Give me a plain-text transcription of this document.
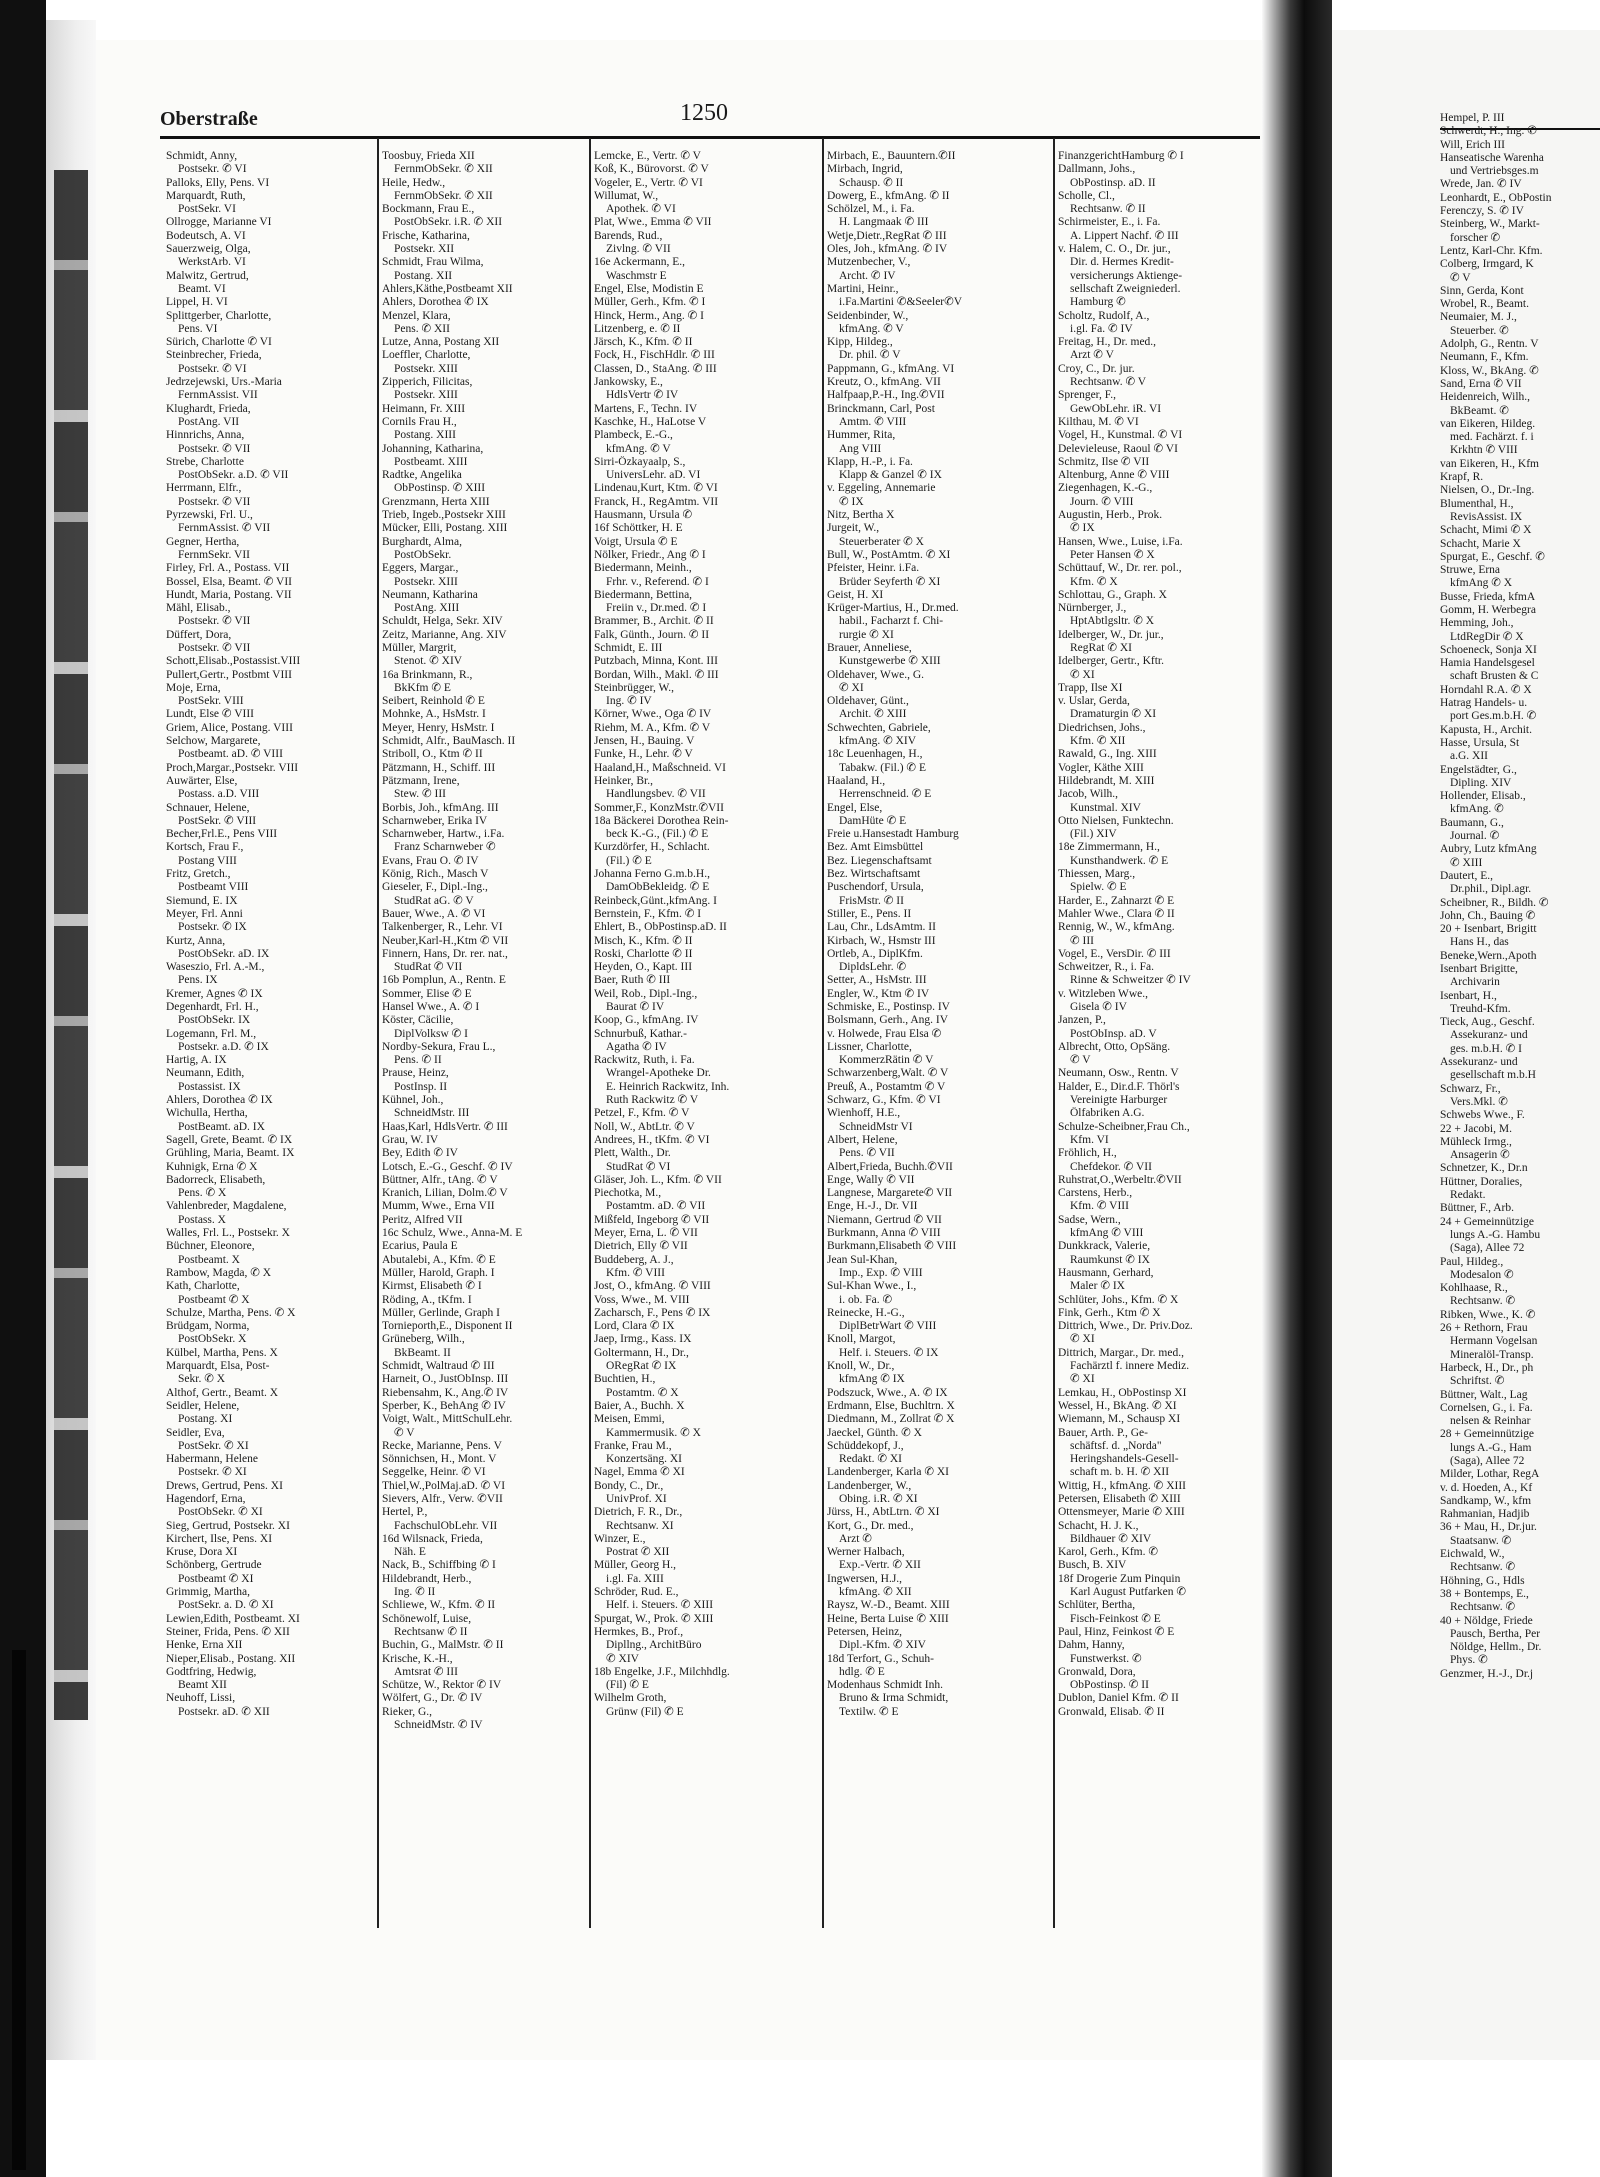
Oberstraße	1250
Schmidt, Anny,
Postsekr. ✆ VI
Palloks, Elly, Pens. VI
Marquardt, Ruth,
PostSekr. VI
Ollrogge, Marianne VI
Bodeutsch, A. VI
Sauerzweig, Olga,
WerkstArb. VI
Malwitz, Gertrud,
Beamt. VI
Lippel, H. VI
Splittgerber, Charlotte,
Pens. VI
Sürich, Charlotte ✆ VI
Steinbrecher, Frieda,
Postsekr. ✆ VI
Jedrzejewski, Urs.-Maria
FernmAssist. VII
Klughardt, Frieda,
PostAng. VII
Hinnrichs, Anna,
Postsekr. ✆ VII
Strebe, Charlotte
PostObSekr. a.D. ✆ VII
Herrmann, Elfr.,
Postsekr. ✆ VII
Pyrzewski, Frl. U.,
FernmAssist. ✆ VII
Gegner, Hertha,
FernmSekr. VII
Firley, Frl. A., Postass. VII
Bossel, Elsa, Beamt. ✆ VII
Hundt, Maria, Postang. VII
Mähl, Elisab.,
Postsekr. ✆ VII
Düffert, Dora,
Postsekr. ✆ VII
Schott,Elisab.,Postassist.VIII
Pullert,Gertr., Postbmt VIII
Moje, Erna,
PostSekr. VIII
Lundt, Else ✆ VIII
Griem, Alice, Postang. VIII
Selchow, Margarete,
Postbeamt. aD. ✆ VIII
Proch,Margar.,Postsekr. VIII
Auwärter, Else,
Postass. a.D. VIII
Schnauer, Helene,
PostSekr. ✆ VIII
Becher,Frl.E., Pens VIII
Kortsch, Frau F.,
Postang VIII
Fritz, Gretch.,
Postbeamt VIII
Siemund, E. IX
Meyer, Frl. Anni
Postsekr. ✆ IX
Kurtz, Anna,
PostObSekr. aD. IX
Waseszio, Frl. A.-M.,
Pens. IX
Kremer, Agnes ✆ IX
Degenhardt, Frl. H.,
PostObSekr. IX
Logemann, Frl. M.,
Postsekr. a.D. ✆ IX
Hartig, A. IX
Neumann, Edith,
Postassist. IX
Ahlers, Dorothea ✆ IX
Wichulla, Hertha,
PostBeamt. aD. IX
Sagell, Grete, Beamt. ✆ IX
Grühling, Maria, Beamt. IX
Kuhnigk, Erna ✆ X
Badorreck, Elisabeth,
Pens. ✆ X
Vahlenbreder, Magdalene,
Postass. X
Walles, Frl. L., Postsekr. X
Büchner, Eleonore,
Postbeamt. X
Rambow, Magda, ✆ X
Kath, Charlotte,
Postbeamt ✆ X
Schulze, Martha, Pens. ✆ X
Brüdgam, Norma,
PostObSekr. X
Külbel, Martha, Pens. X
Marquardt, Elsa, Post-
Sekr. ✆ X
Althof, Gertr., Beamt. X
Seidler, Helene,
Postang. XI
Seidler, Eva,
PostSekr. ✆ XI
Habermann, Helene
Postsekr. ✆ XI
Drews, Gertrud, Pens. XI
Hagendorf, Erna,
PostObSekr. ✆ XI
Sieg, Gertrud, Postsekr. XI
Kirchert, Ilse, Pens. XI
Kruse, Dora XI
Schönberg, Gertrude
Postbeamt ✆ XI
Grimmig, Martha,
PostSekr. a. D. ✆ XI
Lewien,Edith, Postbeamt. XI
Steiner, Frida, Pens. ✆ XII
Henke, Erna XII
Nieper,Elisab., Postang. XII
Godtfring, Hedwig,
Beamt XII
Neuhoff, Lissi,
Postsekr. aD. ✆ XII
Toosbuy, Frieda XII
FernmObSekr. ✆ XII
Heile, Hedw.,
FernmObSekr. ✆ XII
Bockmann, Frau E.,
PostObSekr. i.R. ✆ XII
Frische, Katharina,
Postsekr. XII
Schmidt, Frau Wilma,
Postang. XII
Ahlers,Käthe,Postbeamt XII
Ahlers, Dorothea ✆ IX
Menzel, Klara,
Pens. ✆ XII
Lutze, Anna, Postang XII
Loeffler, Charlotte,
Postsekr. XIII
Zipperich, Filicitas,
Postsekr. XIII
Heimann, Fr. XIII
Cornils Frau H.,
Postang. XIII
Johanning, Katharina,
Postbeamt. XIII
Radtke, Angelika
ObPostinsp. ✆ XIII
Grenzmann, Herta XIII
Trieb, Ingeb.,Postsekr XIII
Mücker, Elli, Postang. XIII
Burghardt, Alma,
PostObSekr.
Eggers, Margar.,
Postsekr. XIII
Neumann, Katharina
PostAng. XIII
Schuldt, Helga, Sekr. XIV
Zeitz, Marianne, Ang. XIV
Müller, Margrit,
Stenot. ✆ XIV
16a Brinkmann, R.,
BkKfm ✆ E
Seibert, Reinhold ✆ E
Mohnke, A., HsMstr. I
Meyer, Henry, HsMstr. I
Schmidt, Alfr., BauMasch. II
Striboll, O., Ktm ✆ II
Pätzmann, H., Schiff. III
Pätzmann, Irene,
Stew. ✆ III
Borbis, Joh., kfmAng. III
Scharnweber, Erika IV
Scharnweber, Hartw., i.Fa.
Franz Scharnweber ✆
Evans, Frau O. ✆ IV
König, Rich., Masch V
Gieseler, F., Dipl.-Ing.,
StudRat aG. ✆ V
Bauer, Wwe., A. ✆ VI
Talkenberger, R., Lehr. VI
Neuber,Karl-H.,Ktm ✆ VII
Finnern, Hans, Dr. rer. nat.,
StudRat ✆ VII
16b Pomplun, A., Rentn. E
Sommer, Elise ✆ E
Hansel Wwe., A. ✆ I
Köster, Cäcilie,
DiplVolksw ✆ I
Nordby-Sekura, Frau L.,
Pens. ✆ II
Prause, Heinz,
PostInsp. II
Kühnel, Joh.,
SchneidMstr. III
Haas,Karl, HdlsVertr. ✆ III
Grau, W. IV
Bey, Edith ✆ IV
Lotsch, E.-G., Geschf. ✆ IV
Büttner, Alfr., tAng. ✆ V
Kranich, Lilian, Dolm.✆ V
Mumm, Wwe., Erna VII
Peritz, Alfred VII
16c Schulz, Wwe., Anna-M. E
Ecarius, Paula E
Abutalebi, A., Kfm. ✆ E
Müller, Harold, Graph. I
Kirmst, Elisabeth ✆ I
Röding, A., tKfm. I
Müller, Gerlinde, Graph I
Tornieporth,E., Disponent II
Grüneberg, Wilh.,
BkBeamt. II
Schmidt, Waltraud ✆ III
Harneit, O., JustObInsp. III
Riebensahm, K., Ang.✆ IV
Sperber, K., BehAng ✆ IV
Voigt, Walt., MittSchulLehr.
✆ V
Recke, Marianne, Pens. V
Sönnichsen, H., Mont. V
Seggelke, Heinr. ✆ VI
Thiel,W.,PolMaj.aD. ✆ VI
Sievers, Alfr., Verw. ✆VII
Hertel, P.,
FachschulObLehr. VII
16d Wilsnack, Frieda,
Näh. E
Nack, B., Schiffbing ✆ I
Hildebrandt, Herb.,
Ing. ✆ II
Schliewe, W., Kfm. ✆ II
Schönewolf, Luise,
Rechtsanw ✆ II
Buchin, G., MalMstr. ✆ II
Krische, K.-H.,
Amtsrat ✆ III
Schütze, W., Rektor ✆ IV
Wölfert, G., Dr. ✆ IV
Rieker, G.,
SchneidMstr. ✆ IV
Lemcke, E., Vertr. ✆ V
Koß, K., Bürovorst. ✆ V
Vogeler, E., Vertr. ✆ VI
Willumat, W.,
Apothek. ✆ VI
Plat, Wwe., Emma ✆ VII
Barends, Rud.,
Zivlng. ✆ VII
16e Ackermann, E.,
Waschmstr E
Engel, Else, Modistin E
Müller, Gerh., Kfm. ✆ I
Hinck, Herm., Ang. ✆ I
Litzenberg, e. ✆ II
Järsch, K., Kfm. ✆ II
Fock, H., FischHdlr. ✆ III
Classen, D., StaAng. ✆ III
Jankowsky, E.,
HdlsVertr ✆ IV
Martens, F., Techn. IV
Kaschke, H., HaLotse V
Plambeck, E.-G.,
kfmAng. ✆ V
Sirri-Özkayaalp, S.,
UniversLehr. aD. VI
Lindenau,Kurt, Ktm. ✆ VI
Franck, H., RegAmtm. VII
Hausmann, Ursula ✆
16f Schöttker, H. E
Voigt, Ursula ✆ E
Nölker, Friedr., Ang ✆ I
Biedermann, Meinh.,
Frhr. v., Referend. ✆ I
Biedermann, Bettina,
Freiin v., Dr.med. ✆ I
Brammer, B., Archit. ✆ II
Falk, Günth., Journ. ✆ II
Schmidt, E. III
Putzbach, Minna, Kont. III
Bordan, Wilh., Makl. ✆ III
Steinbrügger, W.,
Ing. ✆ IV
Körner, Wwe., Oga ✆ IV
Riehm, M. A., Kfm. ✆ V
Jensen, H., Bauing. V
Funke, H., Lehr. ✆ V
Haaland,H., Maßschneid. VI
Heinker, Br.,
Handlungsbev. ✆ VII
Sommer,F., KonzMstr.✆VII
18a Bäckerei Dorothea Rein-
beck K.-G., (Fil.) ✆ E
Kurzdörfer, H., Schlacht.
(Fil.) ✆ E
Johanna Ferno G.m.b.H.,
DamObBekleidg. ✆ E
Reinbeck,Günt.,kfmAng. I
Bernstein, F., Kfm. ✆ I
Ehlert, B., ObPostinsp.aD. II
Misch, K., Kfm. ✆ II
Roski, Charlotte ✆ II
Heyden, O., Kapt. III
Baer, Ruth ✆ III
Weil, Rob., Dipl.-Ing.,
Baurat ✆ IV
Koop, G., kfmAng. IV
Schnurbuß, Kathar.-
Agatha ✆ IV
Rackwitz, Ruth, i. Fa.
Wrangel-Apotheke Dr.
E. Heinrich Rackwitz, Inh.
Ruth Rackwitz ✆ V
Petzel, F., Kfm. ✆ V
Noll, W., AbtLtr. ✆ V
Andrees, H., tKfm. ✆ VI
Plett, Walth., Dr.
StudRat ✆ VI
Gläser, Joh. L., Kfm. ✆ VII
Piechotka, M.,
Postamtm. aD. ✆ VII
Mißfeld, Ingeborg ✆ VII
Meyer, Erna, L. ✆ VII
Dietrich, Elly ✆ VII
Buddeberg, A. J.,
Kfm. ✆ VIII
Jost, O., kfmAng. ✆ VIII
Voss, Wwe., M. VIII
Zacharsch, F., Pens ✆ IX
Lord, Clara ✆ IX
Jaep, Irmg., Kass. IX
Goltermann, H., Dr.,
ORegRat ✆ IX
Buchtien, H.,
Postamtm. ✆ X
Baier, A., Buchh. X
Meisen, Emmi,
Kammermusik. ✆ X
Franke, Frau M.,
Konzertsäng. XI
Nagel, Emma ✆ XI
Bondy, C., Dr.,
UnivProf. XI
Dietrich, F. R., Dr.,
Rechtsanw. XI
Winzer, E.,
Postrat ✆ XII
Müller, Georg H.,
i.gl. Fa. XIII
Schröder, Rud. E.,
Helf. i. Steuers. ✆ XIII
Spurgat, W., Prok. ✆ XIII
Hermkes, B., Prof.,
Dipllng., ArchitBüro
✆ XIV
18b Engelke, J.F., Milchhdlg.
(Fil) ✆ E
Wilhelm Groth,
Grünw (Fil) ✆ E
Mirbach, E., Bauuntern.✆II
Mirbach, Ingrid,
Schausp. ✆ II
Dowerg, E., kfmAng. ✆ II
Schölzel, M., i. Fa.
H. Langmaak ✆ III
Wetje,Dietr.,RegRat ✆ III
Oles, Joh., kfmAng. ✆ IV
Mutzenbecher, V.,
Archt. ✆ IV
Martini, Heinr.,
i.Fa.Martini ✆&Seeler✆V
Seidenbinder, W.,
kfmAng. ✆ V
Kipp, Hildeg.,
Dr. phil. ✆ V
Pappmann, G., kfmAng. VI
Kreutz, O., kfmAng. VII
Halfpaap,P.-H., Ing.✆VII
Brinckmann, Carl, Post
Amtm. ✆ VIII
Hummer, Rita,
Ang VIII
Klapp, H.-P., i. Fa.
Klapp & Ganzel ✆ IX
v. Eggeling, Annemarie
✆ IX
Nitz, Bertha X
Jurgeit, W.,
Steuerberater ✆ X
Bull, W., PostAmtm. ✆ XI
Pfeister, Heinr. i.Fa.
Brüder Seyferth ✆ XI
Geist, H. XI
Krüger-Martius, H., Dr.med.
habil., Facharzt f. Chi-
rurgie ✆ XI
Brauer, Anneliese,
Kunstgewerbe ✆ XIII
Oldehaver, Wwe., G.
✆ XI
Oldehaver, Günt.,
Archit. ✆ XIII
Schwechten, Gabriele,
kfmAng. ✆ XIV
18c Leuenhagen, H.,
Tabakw. (Fil.) ✆ E
Haaland, H.,
Herrenschneid. ✆ E
Engel, Else,
DamHüte ✆ E
Freie u.Hansestadt Hamburg
Bez. Amt Eimsbüttel
Bez. Liegenschaftsamt
Bez. Wirtschaftsamt
Puschendorf, Ursula,
FrisMstr. ✆ II
Stiller, E., Pens. II
Lau, Chr., LdsAmtm. II
Kirbach, W., Hsmstr III
Ortleb, A., DiplKfm.
DipldsLehr. ✆
Setter, A., HsMstr. III
Engler, W., Ktm ✆ IV
Schmiske, E., Postinsp. IV
Bolsmann, Gerh., Ang. IV
v. Holwede, Frau Elsa ✆
Lissner, Charlotte,
KommerzRätin ✆ V
Schwarzenberg,Walt. ✆ V
Preuß, A., Postamtm ✆ V
Schwarz, G., Kfm. ✆ VI
Wienhoff, H.E.,
SchneidMstr VI
Albert, Helene,
Pens. ✆ VII
Albert,Frieda, Buchh.✆VII
Enge, Wally ✆ VII
Langnese, Margarete✆ VII
Enge, H.-J., Dr. VII
Niemann, Gertrud ✆ VII
Burkmann, Anna ✆ VIII
Burkmann,Elisabeth ✆ VIII
Jean Sul-Khan,
Imp., Exp. ✆ VIII
Sul-Khan Wwe., I.,
i. ob. Fa. ✆
Reinecke, H.-G.,
DiplBetrWart ✆ VIII
Knoll, Margot,
Helf. i. Steuers. ✆ IX
Knoll, W., Dr.,
kfmAng ✆ IX
Podszuck, Wwe., A. ✆ IX
Erdmann, Else, Buchltrn. X
Diedmann, M., Zollrat ✆ X
Jaeckel, Günth. ✆ X
Schüddekopf, J.,
Redakt. ✆ XI
Landenberger, Karla ✆ XI
Landenberger, W.,
Obing. i.R. ✆ XI
Jürss, H., AbtLtrn. ✆ XI
Kort, G., Dr. med.,
Arzt ✆
Werner Halbach,
Exp.-Vertr. ✆ XII
Ingwersen, H.J.,
kfmAng. ✆ XII
Raysz, W.-D., Beamt. XIII
Heine, Berta Luise ✆ XIII
Petersen, Heinz,
Dipl.-Kfm. ✆ XIV
18d Terfort, G., Schuh-
hdlg. ✆ E
Modenhaus Schmidt Inh.
Bruno & Irma Schmidt,
Textilw. ✆ E
FinanzgerichtHamburg ✆ I
Dallmann, Johs.,
ObPostinsp. aD. II
Scholle, Cl.,
Rechtsanw. ✆ II
Schirmeister, E., i. Fa.
A. Lippert Nachf. ✆ III
v. Halem, C. O., Dr. jur.,
Dir. d. Hermes Kredit-
versicherungs Aktienge-
sellschaft Zweigniederl.
Hamburg ✆
Scholtz, Rudolf, A.,
i.gl. Fa. ✆ IV
Freitag, H., Dr. med.,
Arzt ✆ V
Croy, C., Dr. jur.
Rechtsanw. ✆ V
Sprenger, F.,
GewObLehr. iR. VI
Kilthau, M. ✆ VI
Vogel, H., Kunstmal. ✆ VI
Delevieleuse, Raoul ✆ VI
Schmitz, Ilse ✆ VII
Altenburg, Anne ✆ VIII
Ziegenhagen, K.-G.,
Journ. ✆ VIII
Augustin, Herb., Prok.
✆ IX
Hansen, Wwe., Luise, i.Fa.
Peter Hansen ✆ X
Schüttauf, W., Dr. rer. pol.,
Kfm. ✆ X
Schlottau, G., Graph. X
Nürnberger, J.,
HptAbtlgsltr. ✆ X
Idelberger, W., Dr. jur.,
RegRat ✆ XI
Idelberger, Gertr., Kftr.
✆ XI
Trapp, Ilse XI
v. Uslar, Gerda,
Dramaturgin ✆ XI
Diedrichsen, Johs.,
Kfm. ✆ XII
Rawald, G., Ing. XIII
Vogler, Käthe XIII
Hildebrandt, M. XIII
Jacob, Wilh.,
Kunstmal. XIV
Otto Nielsen, Funktechn.
(Fil.) XIV
18e Zimmermann, H.,
Kunsthandwerk. ✆ E
Thiessen, Marg.,
Spielw. ✆ E
Harder, E., Zahnarzt ✆ E
Mahler Wwe., Clara ✆ II
Rennig, W., W., kfmAng.
✆ III
Vogel, E., VersDir. ✆ III
Schweitzer, R., i. Fa.
Rinne & Schweitzer ✆ IV
v. Witzleben Wwe.,
Gisela ✆ IV
Janzen, P.,
PostObInsp. aD. V
Albrecht, Otto, OpSäng.
✆ V
Neumann, Osw., Rentn. V
Halder, E., Dir.d.F. Thörl's
Vereinigte Harburger
Ölfabriken A.G.
Schulze-Scheibner,Frau Ch.,
Kfm. VI
Fröhlich, H.,
Chefdekor. ✆ VII
Ruhstrat,O.,Werbeltr.✆VII
Carstens, Herb.,
Kfm. ✆ VIII
Sadse, Wern.,
kfmAng ✆ VIII
Dunkkrack, Valerie,
Raumkunst ✆ IX
Hausmann, Gerhard,
Maler ✆ IX
Schlüter, Johs., Kfm. ✆ X
Fink, Gerh., Ktm ✆ X
Dittrich, Wwe., Dr. Priv.Doz.
✆ XI
Dittrich, Margar., Dr. med.,
Fachärztl f. innere Mediz.
✆ XI
Lemkau, H., ObPostinsp XI
Wessel, H., BkAng. ✆ XI
Wiemann, M., Schausp XI
Bauer, Arth. P., Ge-
schäftsf. d. „Norda"
Heringshandels-Gesell-
schaft m. b. H. ✆ XII
Wittig, H., kfmAng. ✆ XIII
Petersen, Elisabeth ✆ XIII
Ottensmeyer, Marie ✆ XIII
Schacht, H. J. K.,
Bildhauer ✆ XIV
Karol, Gerh., Kfm. ✆
Busch, B. XIV
18f Drogerie Zum Pinquin
Karl August Putfarken ✆
Schlüter, Bertha,
Fisch-Feinkost ✆ E
Paul, Hinz, Feinkost ✆ E
Dahm, Hanny,
Funstwerkst. ✆
Gronwald, Dora,
ObPostinsp. ✆ II
Dublon, Daniel Kfm. ✆ II
Gronwald, Elisab. ✆ II
Hempel, P. III
Schwerdt, H., Ing. ✆
Will, Erich III
Hanseatische Warenha
und Vertriebsges.m
Wrede, Jan. ✆ IV
Leonhardt, E., ObPostin
Ferenczy, S. ✆ IV
Steinberg, W., Markt-
forscher ✆
Lentz, Karl-Chr. Kfm.
Colberg, Irmgard, K
✆ V
Sinn, Gerda, Kont
Wrobel, R., Beamt.
Neumaier, M. J.,
Steuerber. ✆
Adolph, G., Rentn. V
Neumann, F., Kfm.
Kloss, W., BkAng. ✆
Sand, Erna ✆ VII
Heidenreich, Wilh.,
BkBeamt. ✆
van Eikeren, Hildeg.
med. Fachärzt. f. i
Krkhtn ✆ VIII
van Eikeren, H., Kfm
Krapf, R.
Nielsen, O., Dr.-Ing.
Blumenthal, H.,
RevisAssist. IX
Schacht, Mimi ✆ X
Schacht, Marie X
Spurgat, E., Geschf. ✆
Struwe, Erna
kfmAng ✆ X
Busse, Frieda, kfmA
Gomm, H. Werbegra
Hemming, Joh.,
LtdRegDir ✆ X
Schoeneck, Sonja XI
Hamia Handelsgesel
schaft Brusten & C
Horndahl R.A. ✆ X
Hatrag Handels- u.
port Ges.m.b.H. ✆
Kapusta, H., Archit.
Hasse, Ursula, St
a.G. XII
Engelstädter, G.,
Dipling. XIV
Hollender, Elisab.,
kfmAng. ✆
Baumann, G.,
Journal. ✆
Aubry, Lutz kfmAng
✆ XIII
Dautert, E.,
Dr.phil., Dipl.agr.
Scheibner, R., Bildh. ✆
John, Ch., Bauing ✆
20 + Isenbart, Brigitt
Hans H., das
Beneke,Wern.,Apoth
Isenbart Brigitte,
Archivarin
Isenbart, H.,
Treuhd-Kfm.
Tieck, Aug., Geschf.
Assekuranz- und
ges. m.b.H. ✆ I
Assekuranz- und
gesellschaft m.b.H
Schwarz, Fr.,
Vers.Mkl. ✆
Schwebs Wwe., F.
22 + Jacobi, M.
Mühleck Irmg.,
Ansagerin ✆
Schnetzer, K., Dr.n
Hüttner, Doralies,
Redakt.
Büttner, F., Arb.
24 + Gemeinnützige
lungs A.-G. Hambu
(Saga), Allee 72
Paul, Hildeg.,
Modesalon ✆
Kohlhaase, R.,
Rechtsanw. ✆
Ribken, Wwe., K. ✆
26 + Rethorn, Frau
Hermann Vogelsan
Mineralöl-Transp.
Harbeck, H., Dr., ph
Schriftst. ✆
Büttner, Walt., Lag
Cornelsen, G., i. Fa.
nelsen & Reinhar
28 + Gemeinnützige
lungs A.-G., Ham
(Saga), Allee 72
Milder, Lothar, RegA
v. d. Hoeden, A., Kf
Sandkamp, W., kfm
Rahmanian, Hadjib
36 + Mau, H., Dr.jur.
Staatsanw. ✆
Eichwald, W.,
Rechtsanw. ✆
Höhning, G., Hdls
38 + Bontemps, E.,
Rechtsanw. ✆
40 + Nöldge, Friede
Pausch, Bertha, Per
Nöldge, Hellm., Dr.
Phys. ✆
Genzmer, H.-J., Dr.j
